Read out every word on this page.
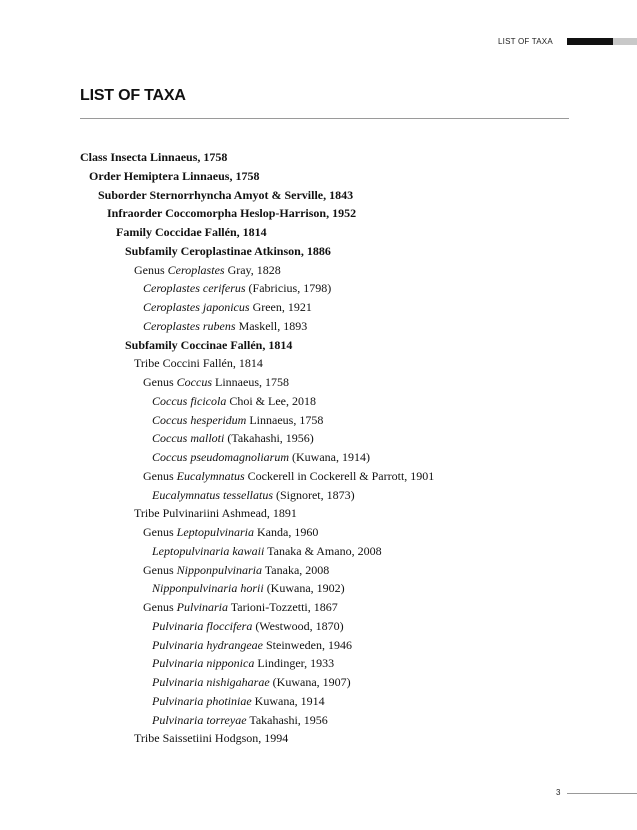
LIST OF TAXA
LIST OF TAXA
Class Insecta Linnaeus, 1758
Order Hemiptera Linnaeus, 1758
Suborder Sternorrhyncha Amyot & Serville, 1843
Infraorder Coccomorpha Heslop-Harrison, 1952
Family Coccidae Fallén, 1814
Subfamily Ceroplastinae Atkinson, 1886
Genus Ceroplastes Gray, 1828
Ceroplastes ceriferus (Fabricius, 1798)
Ceroplastes japonicus Green, 1921
Ceroplastes rubens Maskell, 1893
Subfamily Coccinae Fallén, 1814
Tribe Coccini Fallén, 1814
Genus Coccus Linnaeus, 1758
Coccus ficicola Choi & Lee, 2018
Coccus hesperidum Linnaeus, 1758
Coccus malloti (Takahashi, 1956)
Coccus pseudomagnoliarum (Kuwana, 1914)
Genus Eucalymnatus Cockerell in Cockerell & Parrott, 1901
Eucalymnatus tessellatus (Signoret, 1873)
Tribe Pulvinariini Ashmead, 1891
Genus Leptopulvinaria Kanda, 1960
Leptopulvinaria kawaii Tanaka & Amano, 2008
Genus Nipponpulvinaria Tanaka, 2008
Nipponpulvinaria horii (Kuwana, 1902)
Genus Pulvinaria Tarioni-Tozzetti, 1867
Pulvinaria floccifera (Westwood, 1870)
Pulvinaria hydrangeae Steinweden, 1946
Pulvinaria nipponica Lindinger, 1933
Pulvinaria nishigaharae (Kuwana, 1907)
Pulvinaria photiniae Kuwana, 1914
Pulvinaria torreyae Takahashi, 1956
Tribe Saissetiini Hodgson, 1994
3
